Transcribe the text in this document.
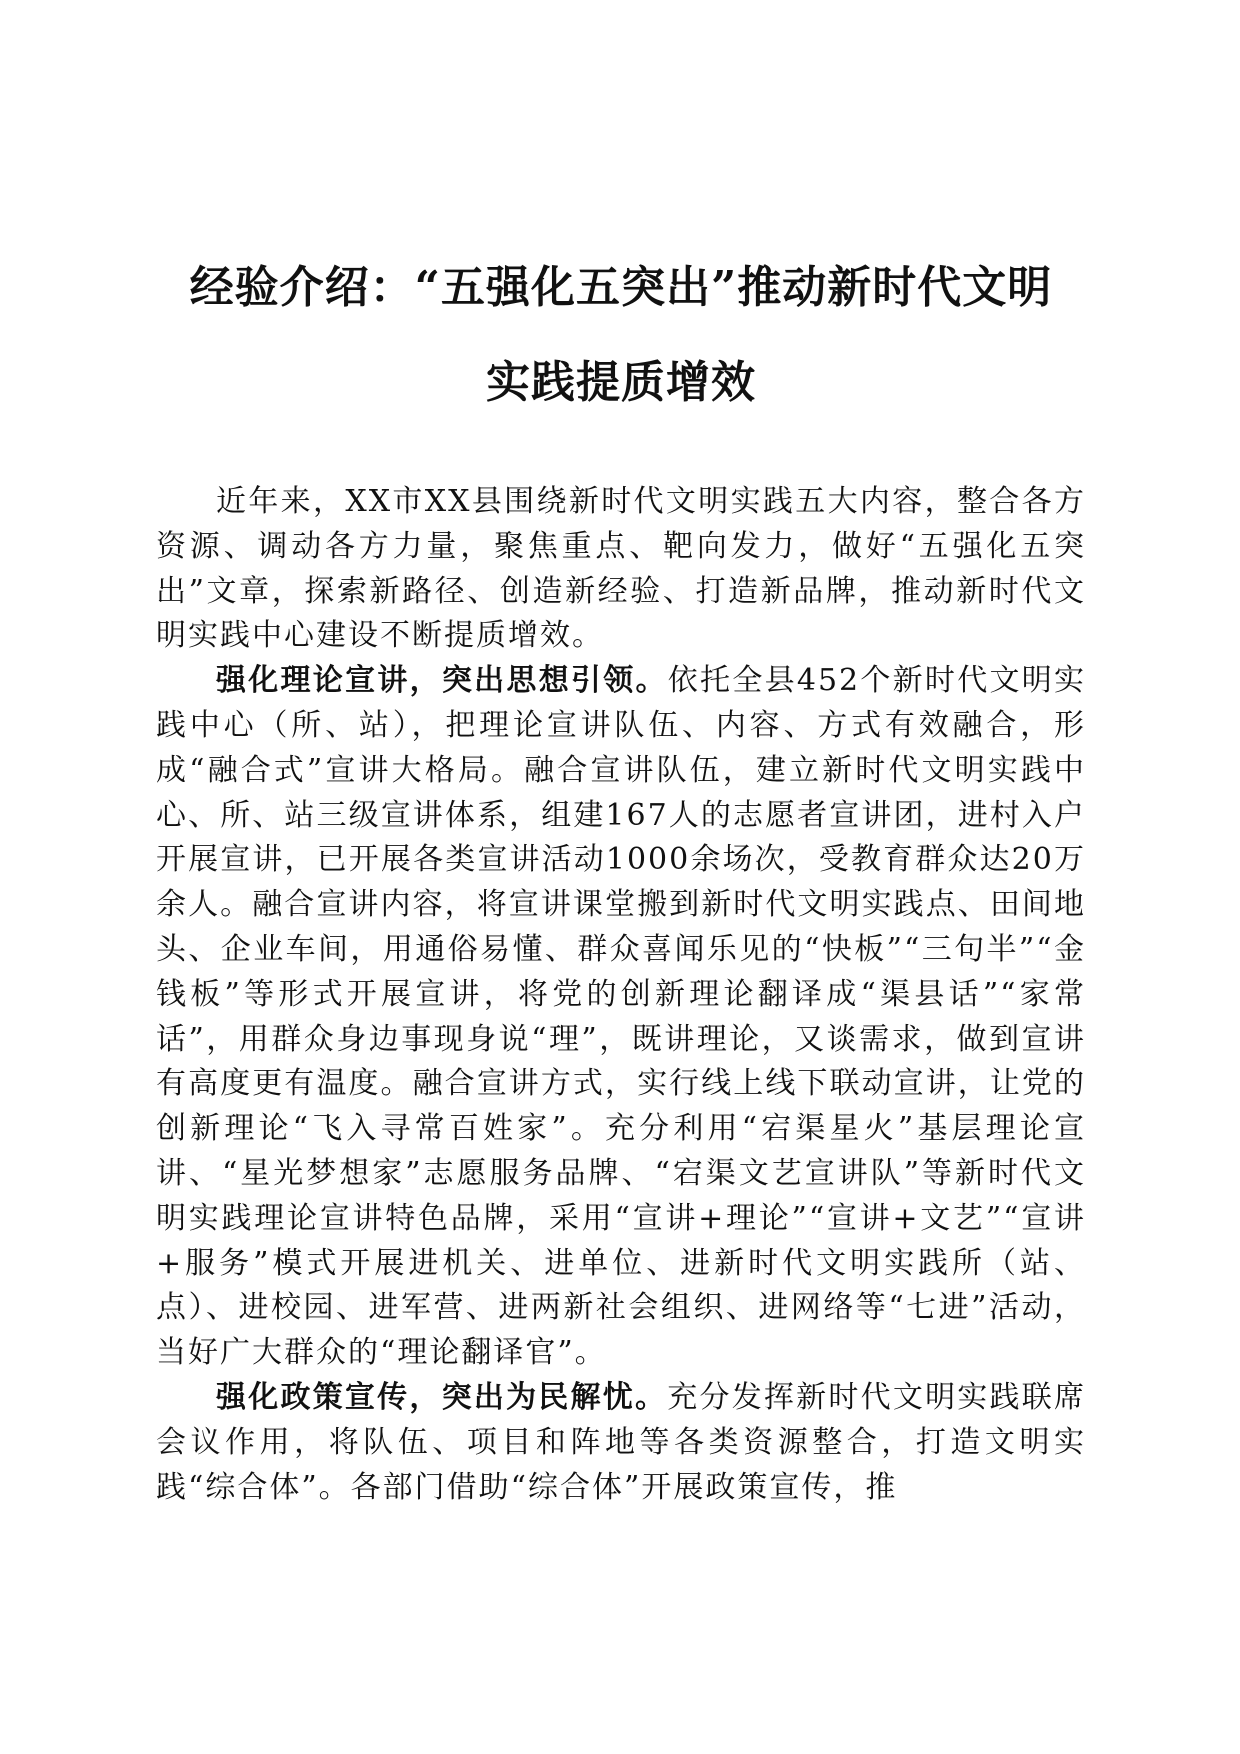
经验介绍：“五强化五突出”推动新时代文明
实践提质增效

近年来，XX市XX县围绕新时代文明实践五大内容，整合各方资源、调动各方力量，聚焦重点、靶向发力，做好“五强化五突出”文章，探索新路径、创造新经验、打造新品牌，推动新时代文明实践中心建设不断提质增效。

强化理论宣讲，突出思想引领。依托全县452个新时代文明实践中心（所、站），把理论宣讲队伍、内容、方式有效融合，形成“融合式”宣讲大格局。融合宣讲队伍，建立新时代文明实践中心、所、站三级宣讲体系，组建167人的志愿者宣讲团，进村入户开展宣讲，已开展各类宣讲活动1000余场次，受教育群众达20万余人。融合宣讲内容，将宣讲课堂搬到新时代文明实践点、田间地头、企业车间，用通俗易懂、群众喜闻乐见的“快板”“三句半”“金钱板”等形式开展宣讲，将党的创新理论翻译成“渠县话”“家常话”，用群众身边事现身说“理”，既讲理论，又谈需求，做到宣讲有高度更有温度。融合宣讲方式，实行线上线下联动宣讲，让党的创新理论“飞入寻常百姓家”。充分利用“宕渠星火”基层理论宣讲、“星光梦想家”志愿服务品牌、“宕渠文艺宣讲队”等新时代文明实践理论宣讲特色品牌，采用“宣讲+理论”“宣讲+文艺”“宣讲+服务”模式开展进机关、进单位、进新时代文明实践所（站、点）、进校园、进军营、进两新社会组织、进网络等“七进”活动，当好广大群众的“理论翻译官”。

强化政策宣传，突出为民解忧。充分发挥新时代文明实践联席会议作用，将队伍、项目和阵地等各类资源整合，打造文明实践“综合体”。各部门借助“综合体”开展政策宣传，推
